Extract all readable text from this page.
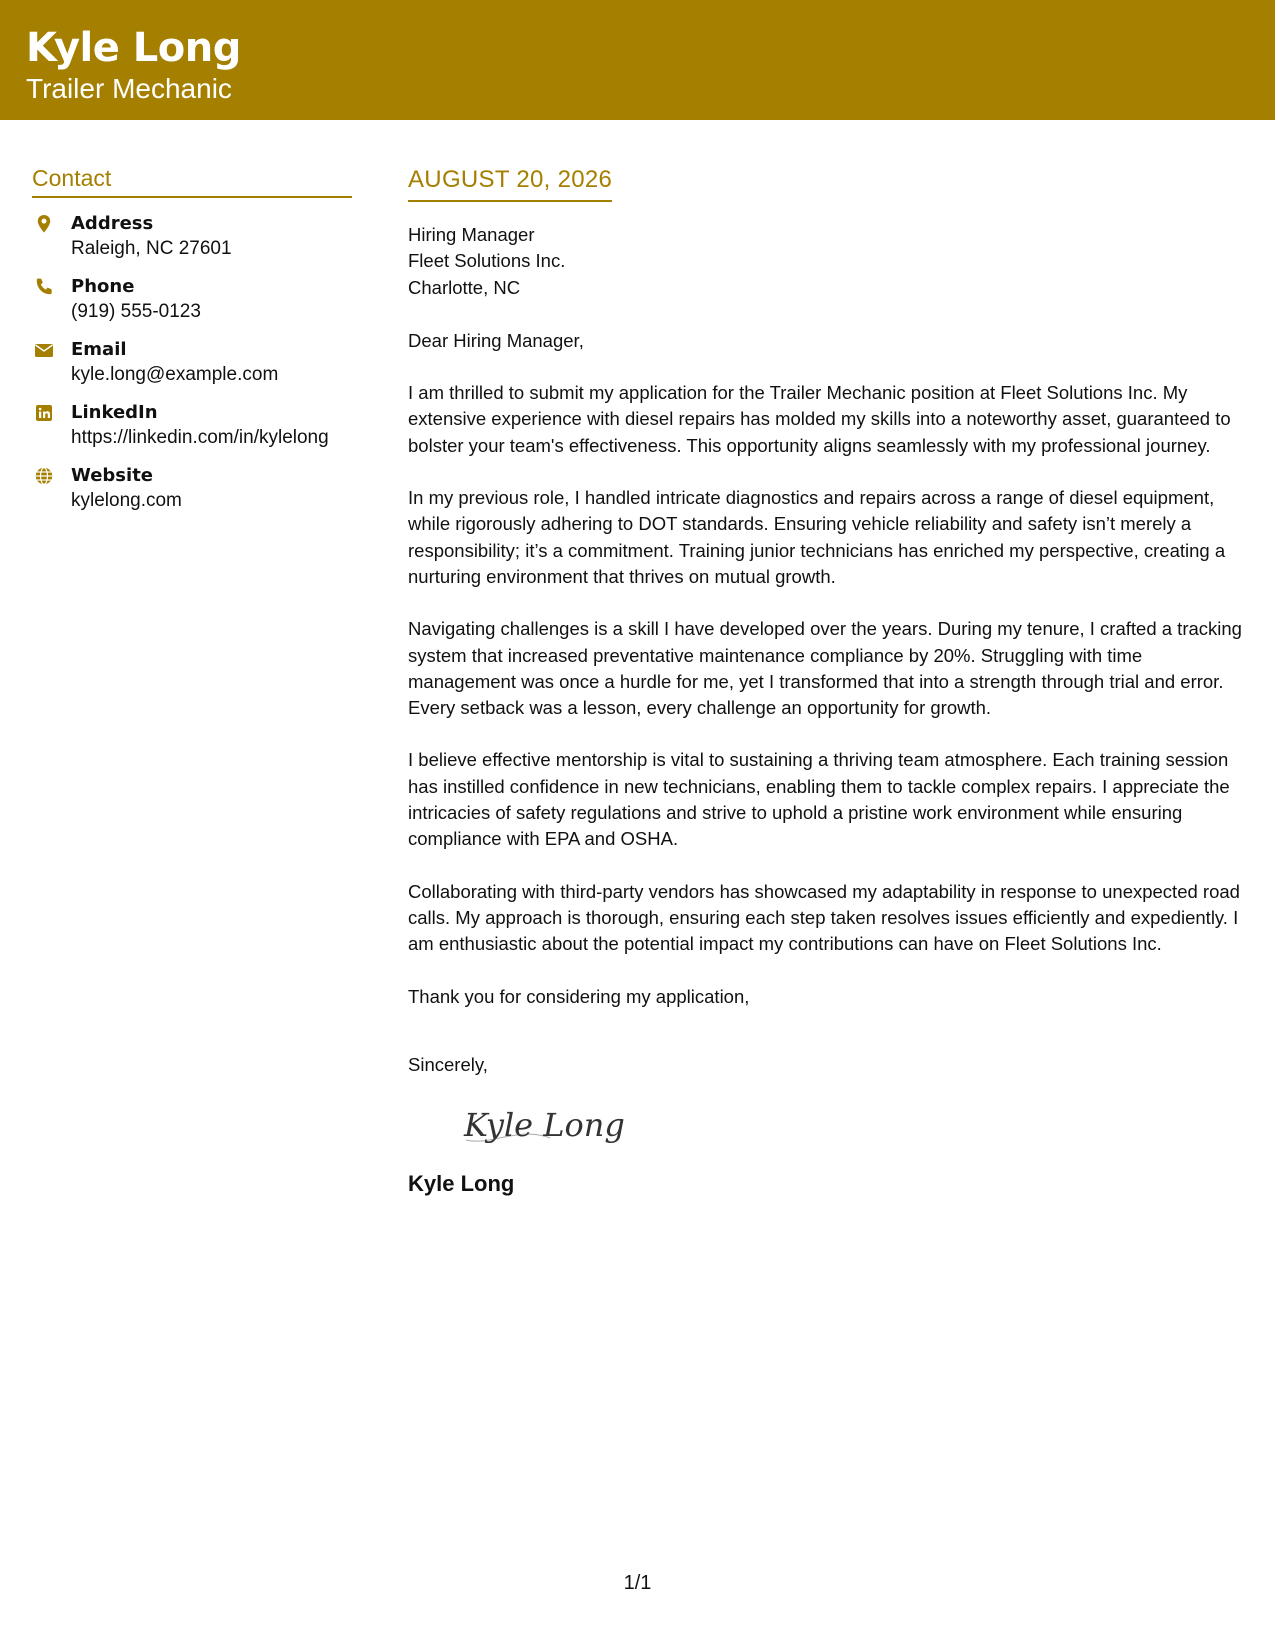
Kyle Long
Trailer Mechanic
Contact
Address
Raleigh, NC 27601
Phone
(919) 555-0123
Email
kyle.long@example.com
LinkedIn
https://linkedin.com/in/kylelong
Website
kylelong.com
AUGUST 20, 2026
Hiring Manager
Fleet Solutions Inc.
Charlotte, NC
Dear Hiring Manager,
I am thrilled to submit my application for the Trailer Mechanic position at Fleet Solutions Inc. My extensive experience with diesel repairs has molded my skills into a noteworthy asset, guaranteed to bolster your team's effectiveness. This opportunity aligns seamlessly with my professional journey.
In my previous role, I handled intricate diagnostics and repairs across a range of diesel equipment, while rigorously adhering to DOT standards. Ensuring vehicle reliability and safety isn’t merely a responsibility; it’s a commitment. Training junior technicians has enriched my perspective, creating a nurturing environment that thrives on mutual growth.
Navigating challenges is a skill I have developed over the years. During my tenure, I crafted a tracking system that increased preventative maintenance compliance by 20%. Struggling with time management was once a hurdle for me, yet I transformed that into a strength through trial and error. Every setback was a lesson, every challenge an opportunity for growth.
I believe effective mentorship is vital to sustaining a thriving team atmosphere. Each training session has instilled confidence in new technicians, enabling them to tackle complex repairs. I appreciate the intricacies of safety regulations and strive to uphold a pristine work environment while ensuring compliance with EPA and OSHA.
Collaborating with third-party vendors has showcased my adaptability in response to unexpected road calls. My approach is thorough, ensuring each step taken resolves issues efficiently and expediently. I am enthusiastic about the potential impact my contributions can have on Fleet Solutions Inc.
Thank you for considering my application,
Sincerely,
Kyle Long
Kyle Long
1/1
